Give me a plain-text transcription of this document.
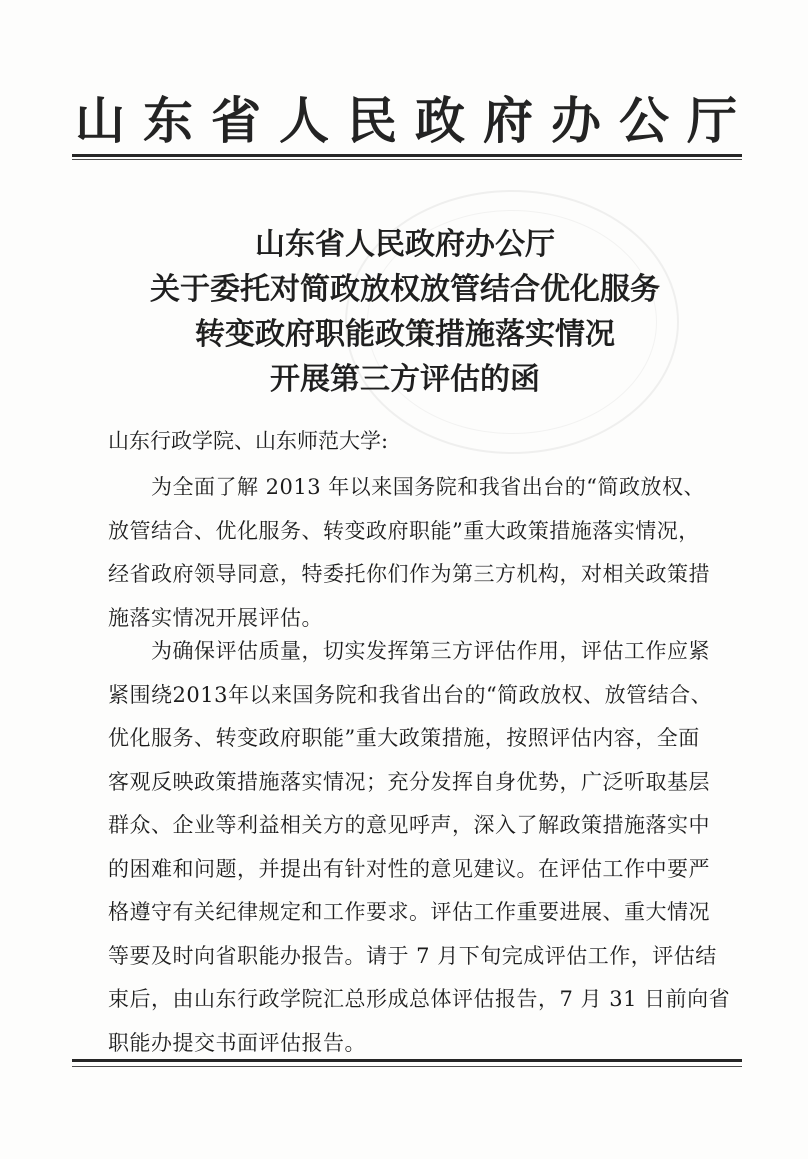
山 东 省 人 民 政 府 办 公 厅
山东省人民政府办公厅
关于委托对简政放权放管结合优化服务
转变政府职能政策措施落实情况
开展第三方评估的函
山东行政学院、山东师范大学:
　　为全面了解 2013 年以来国务院和我省出台的“简政放权、
放管结合、优化服务、转变政府职能”重大政策措施落实情况，
经省政府领导同意，特委托你们作为第三方机构，对相关政策措
施落实情况开展评估。
　　为确保评估质量，切实发挥第三方评估作用，评估工作应紧
紧围绕2013年以来国务院和我省出台的“简政放权、放管结合、
优化服务、转变政府职能”重大政策措施，按照评估内容，全面
客观反映政策措施落实情况；充分发挥自身优势，广泛听取基层
群众、企业等利益相关方的意见呼声，深入了解政策措施落实中
的困难和问题，并提出有针对性的意见建议。在评估工作中要严
格遵守有关纪律规定和工作要求。评估工作重要进展、重大情况
等要及时向省职能办报告。请于 7 月下旬完成评估工作，评估结
束后，由山东行政学院汇总形成总体评估报告，7 月 31 日前向省
职能办提交书面评估报告。
